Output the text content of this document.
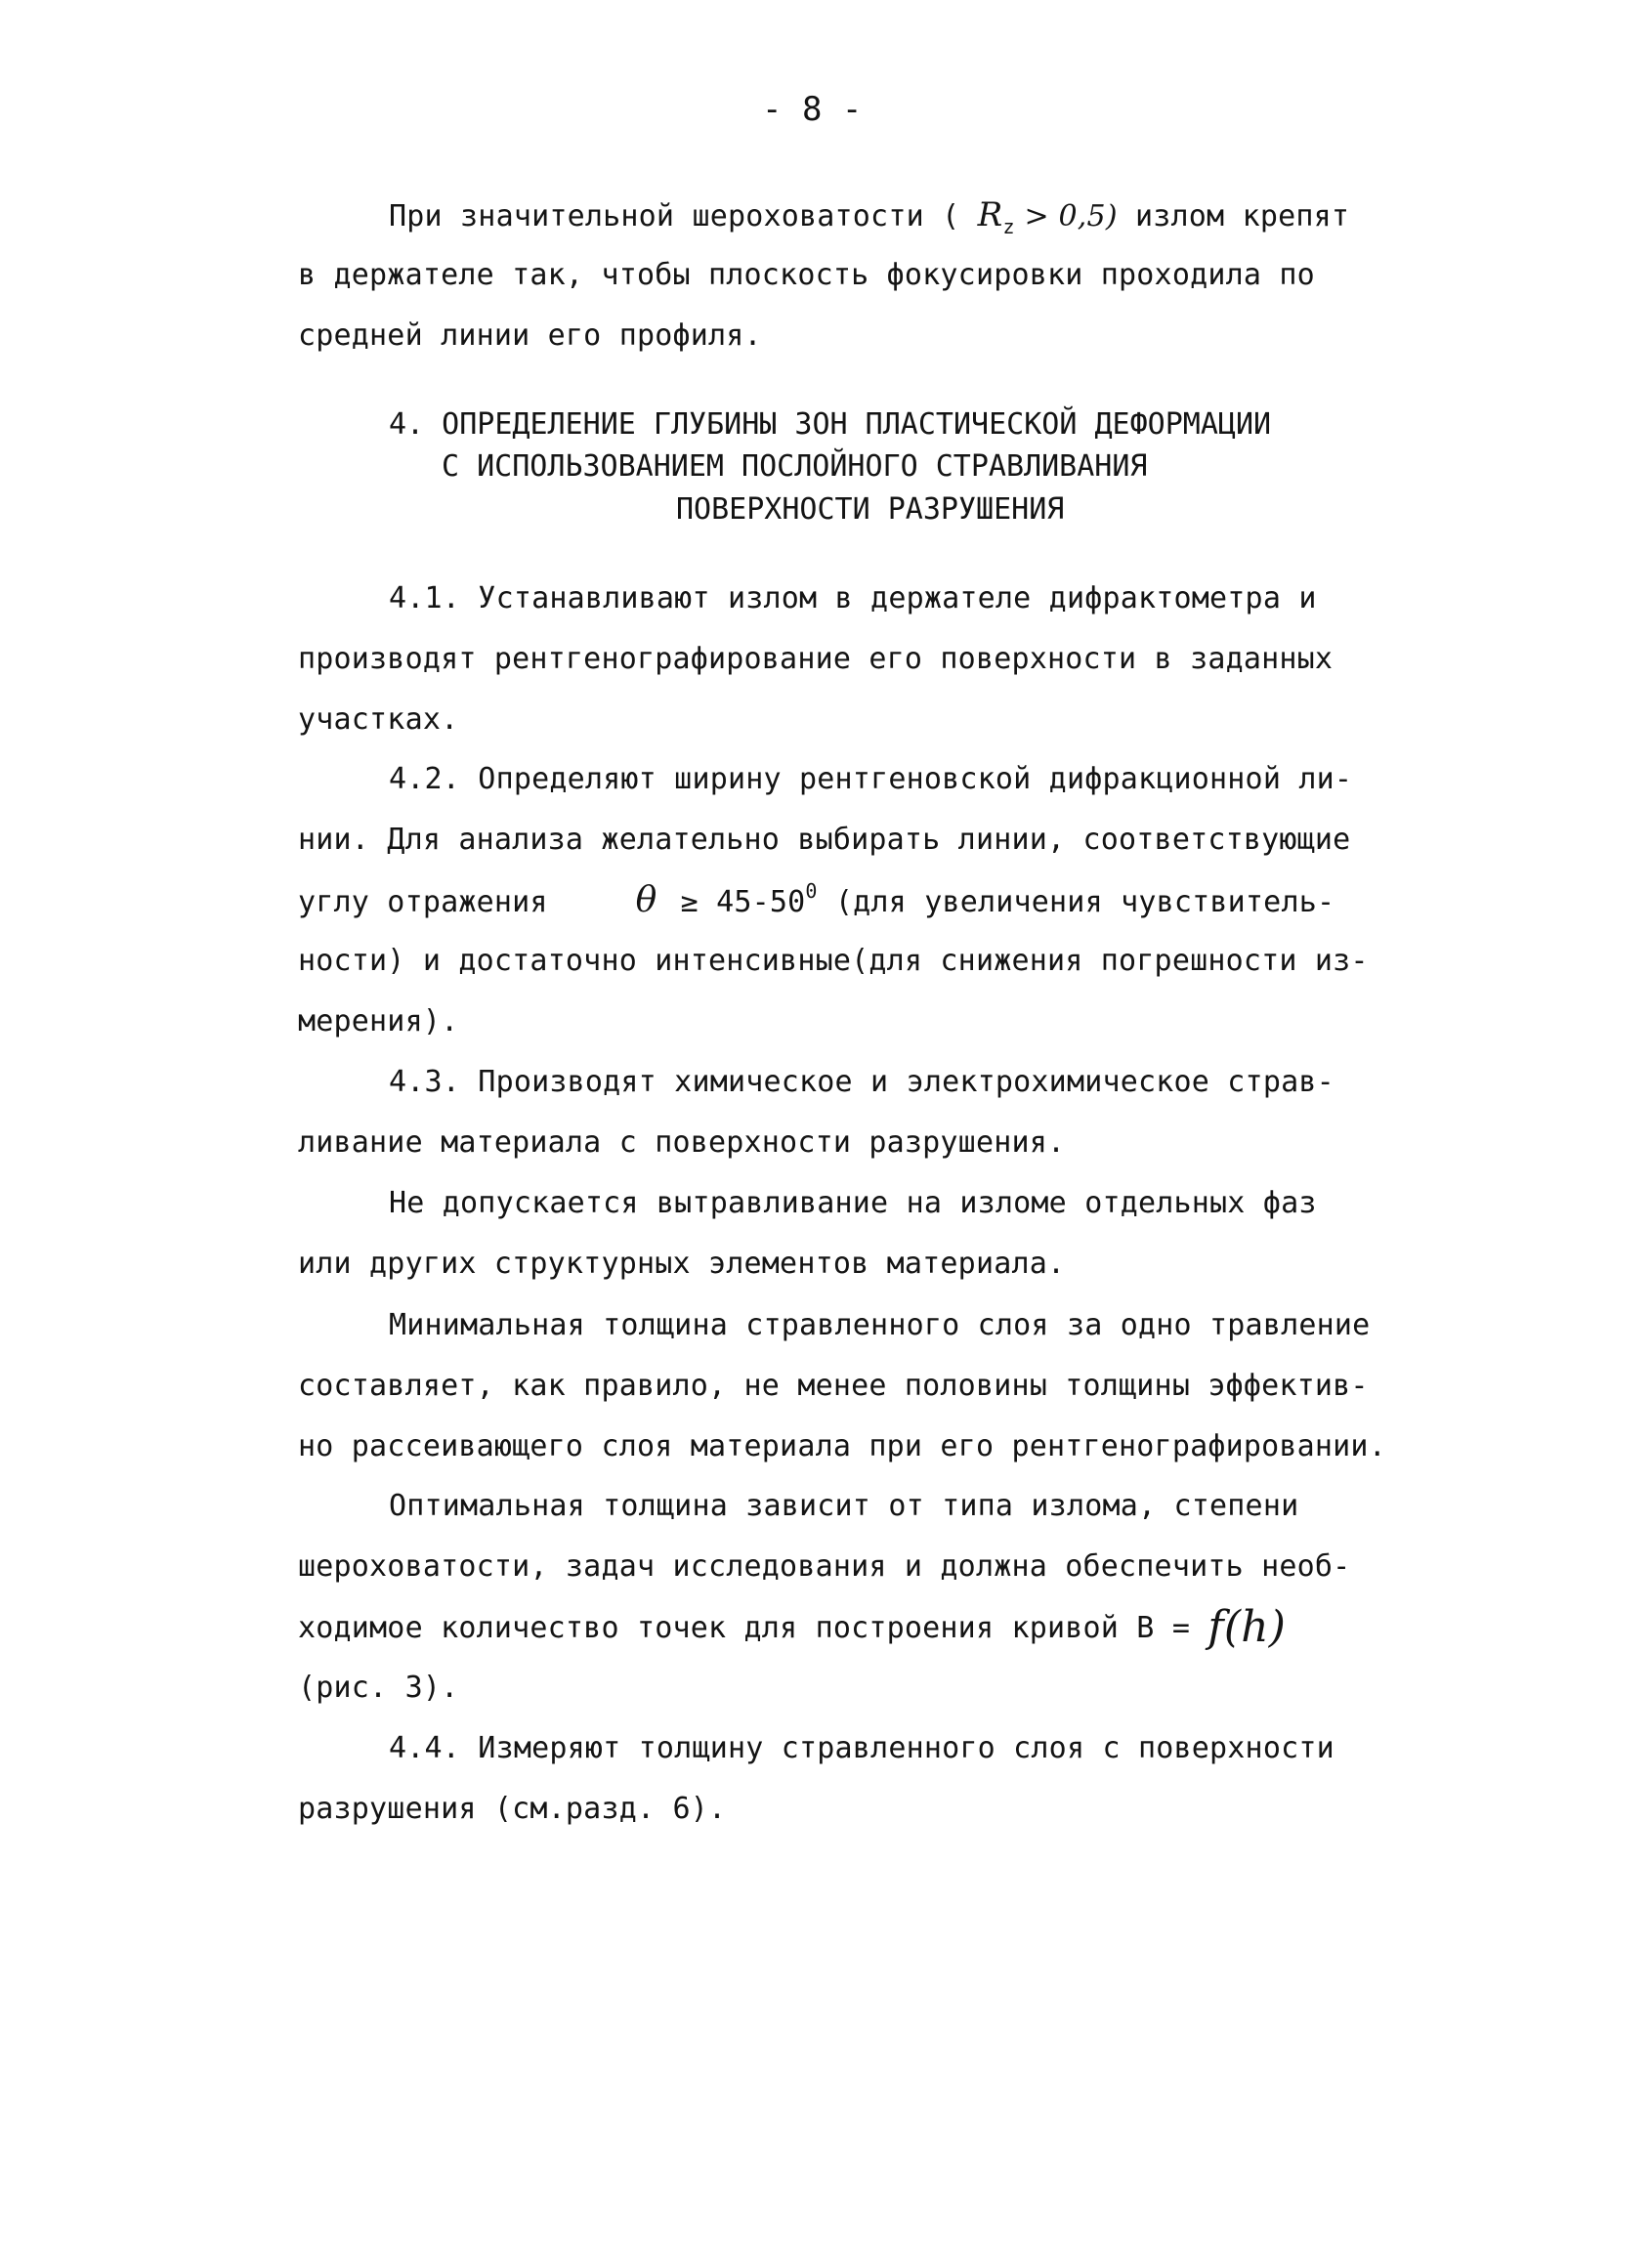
- 8 -
При значительной шероховатости ( $R_z > 0,5$) излом крепят
в держателе так, чтобы плоскость фокусировки проходила по
средней линии его профиля.
4. ОПРЕДЕЛЕНИЕ ГЛУБИНЫ ЗОН ПЛАСТИЧЕСКОЙ ДЕФОРМАЦИИ
С ИСПОЛЬЗОВАНИЕМ ПОСЛОЙНОГО СТРАВЛИВАНИЯ
ПОВЕРХНОСТИ РАЗРУШЕНИЯ
4.1. Устанавливают излом в держателе дифрактометра и
производят рентгенографирование его поверхности в заданных
участках.
4.2. Определяют ширину рентгеновской дифракционной ли-
нии. Для анализа желательно выбирать линии, соответствующие
углу отражения	$\theta \ge 45-50^0$ (для увеличения чувствитель-
ности) и достаточно интенсивные(для снижения погрешности из-
мерения).
4.3. Производят химическое и электрохимическое страв-
ливание материала с поверхности разрушения.
Не допускается вытравливание на изломе отдельных фаз
или других структурных элементов материала.
Минимальная толщина стравленного слоя за одно травление
составляет, как правило, не менее половины толщины эффектив-
но рассеивающего слоя материала при его рентгенографировании.
Оптимальная толщина зависит от типа излома, степени
шероховатости, задач исследования и должна обеспечить необ-
ходимое количество точек для построения кривой B = f(h)
(рис. 3).
4.4. Измеряют толщину стравленного слоя с поверхности
разрушения (см.разд. 6).
